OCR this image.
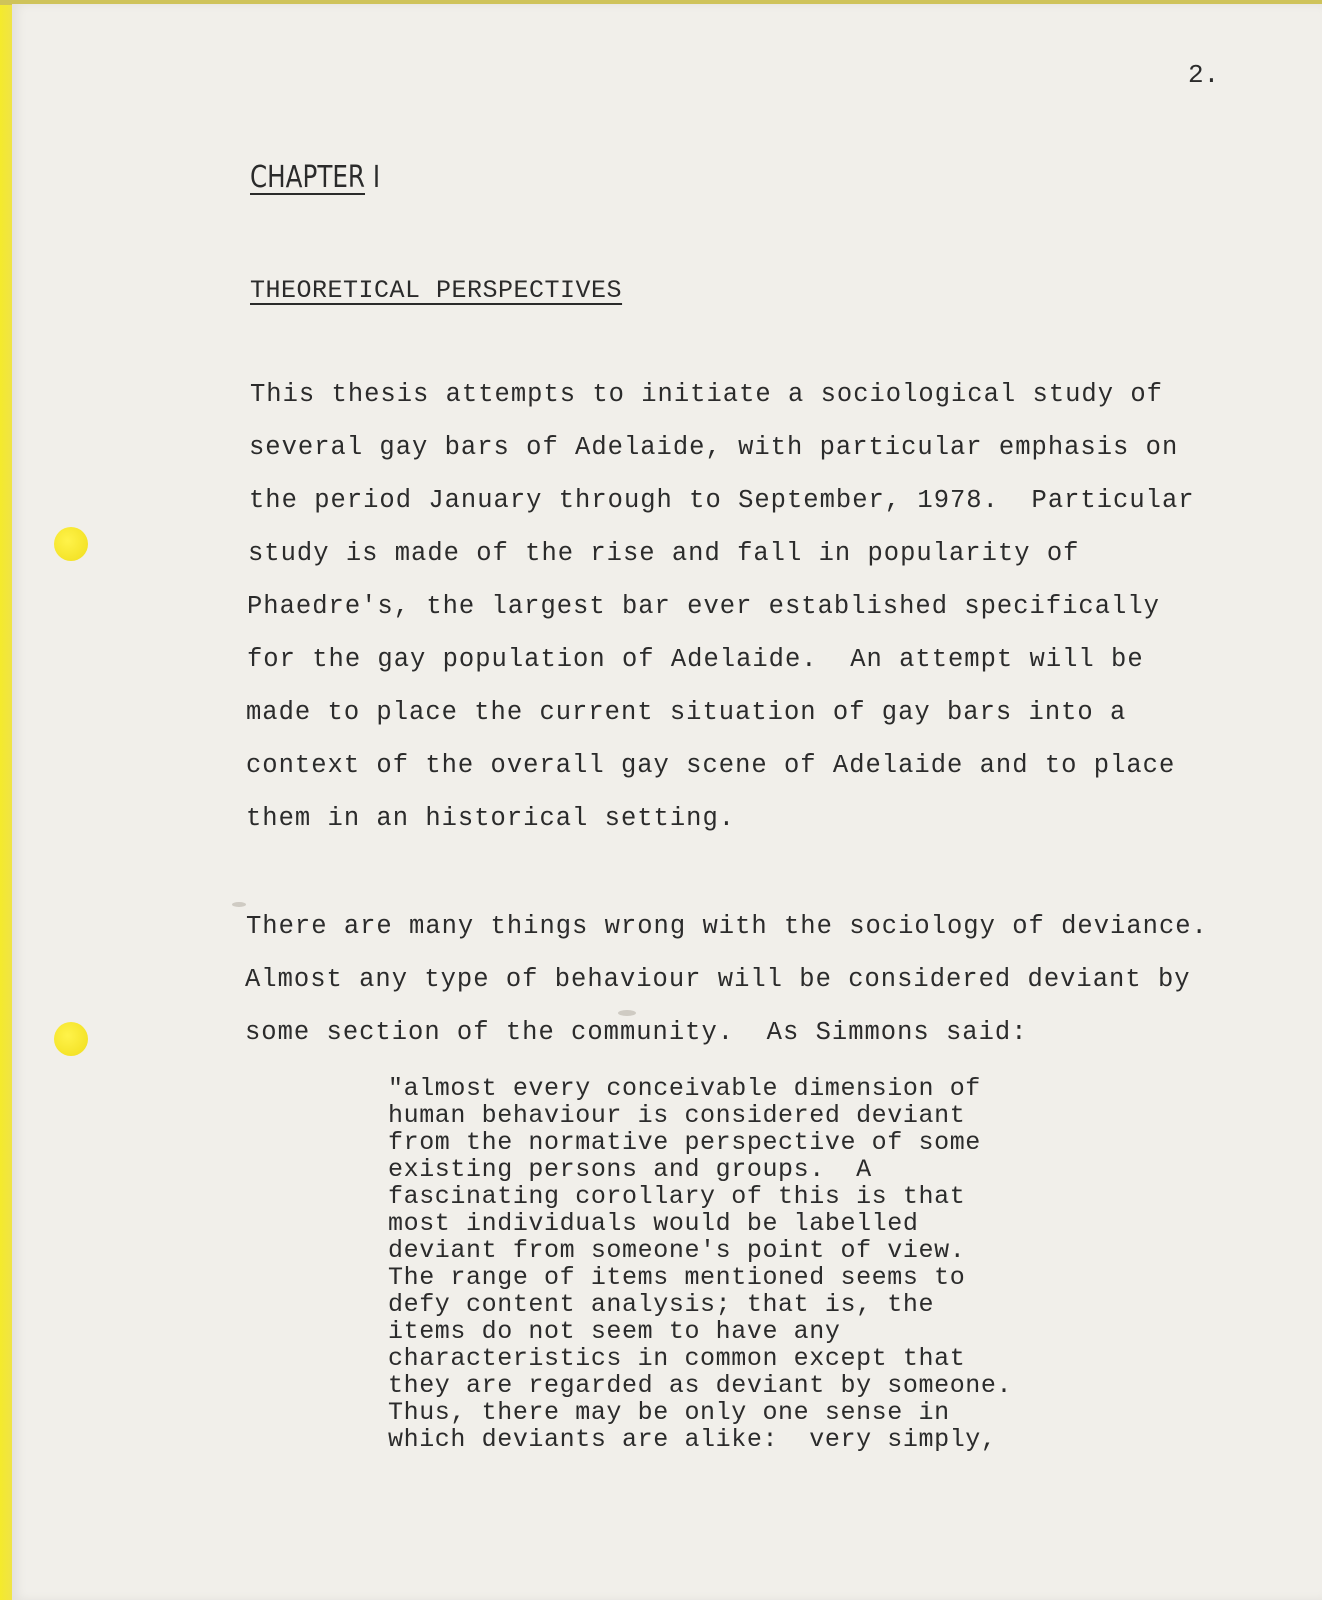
2.
CHAPTER I
THEORETICAL PERSPECTIVES
This thesis attempts to initiate a sociological study of
several gay bars of Adelaide, with particular emphasis on
the period January through to September, 1978.  Particular
study is made of the rise and fall in popularity of
Phaedre's, the largest bar ever established specifically
for the gay population of Adelaide.  An attempt will be
made to place the current situation of gay bars into a
context of the overall gay scene of Adelaide and to place
them in an historical setting.
There are many things wrong with the sociology of deviance.
Almost any type of behaviour will be considered deviant by
some section of the community.  As Simmons said:
"almost every conceivable dimension of
human behaviour is considered deviant
from the normative perspective of some
existing persons and groups.  A
fascinating corollary of this is that
most individuals would be labelled
deviant from someone's point of view.
The range of items mentioned seems to
defy content analysis; that is, the
items do not seem to have any
characteristics in common except that
they are regarded as deviant by someone.
Thus, there may be only one sense in
which deviants are alike:  very simply,
